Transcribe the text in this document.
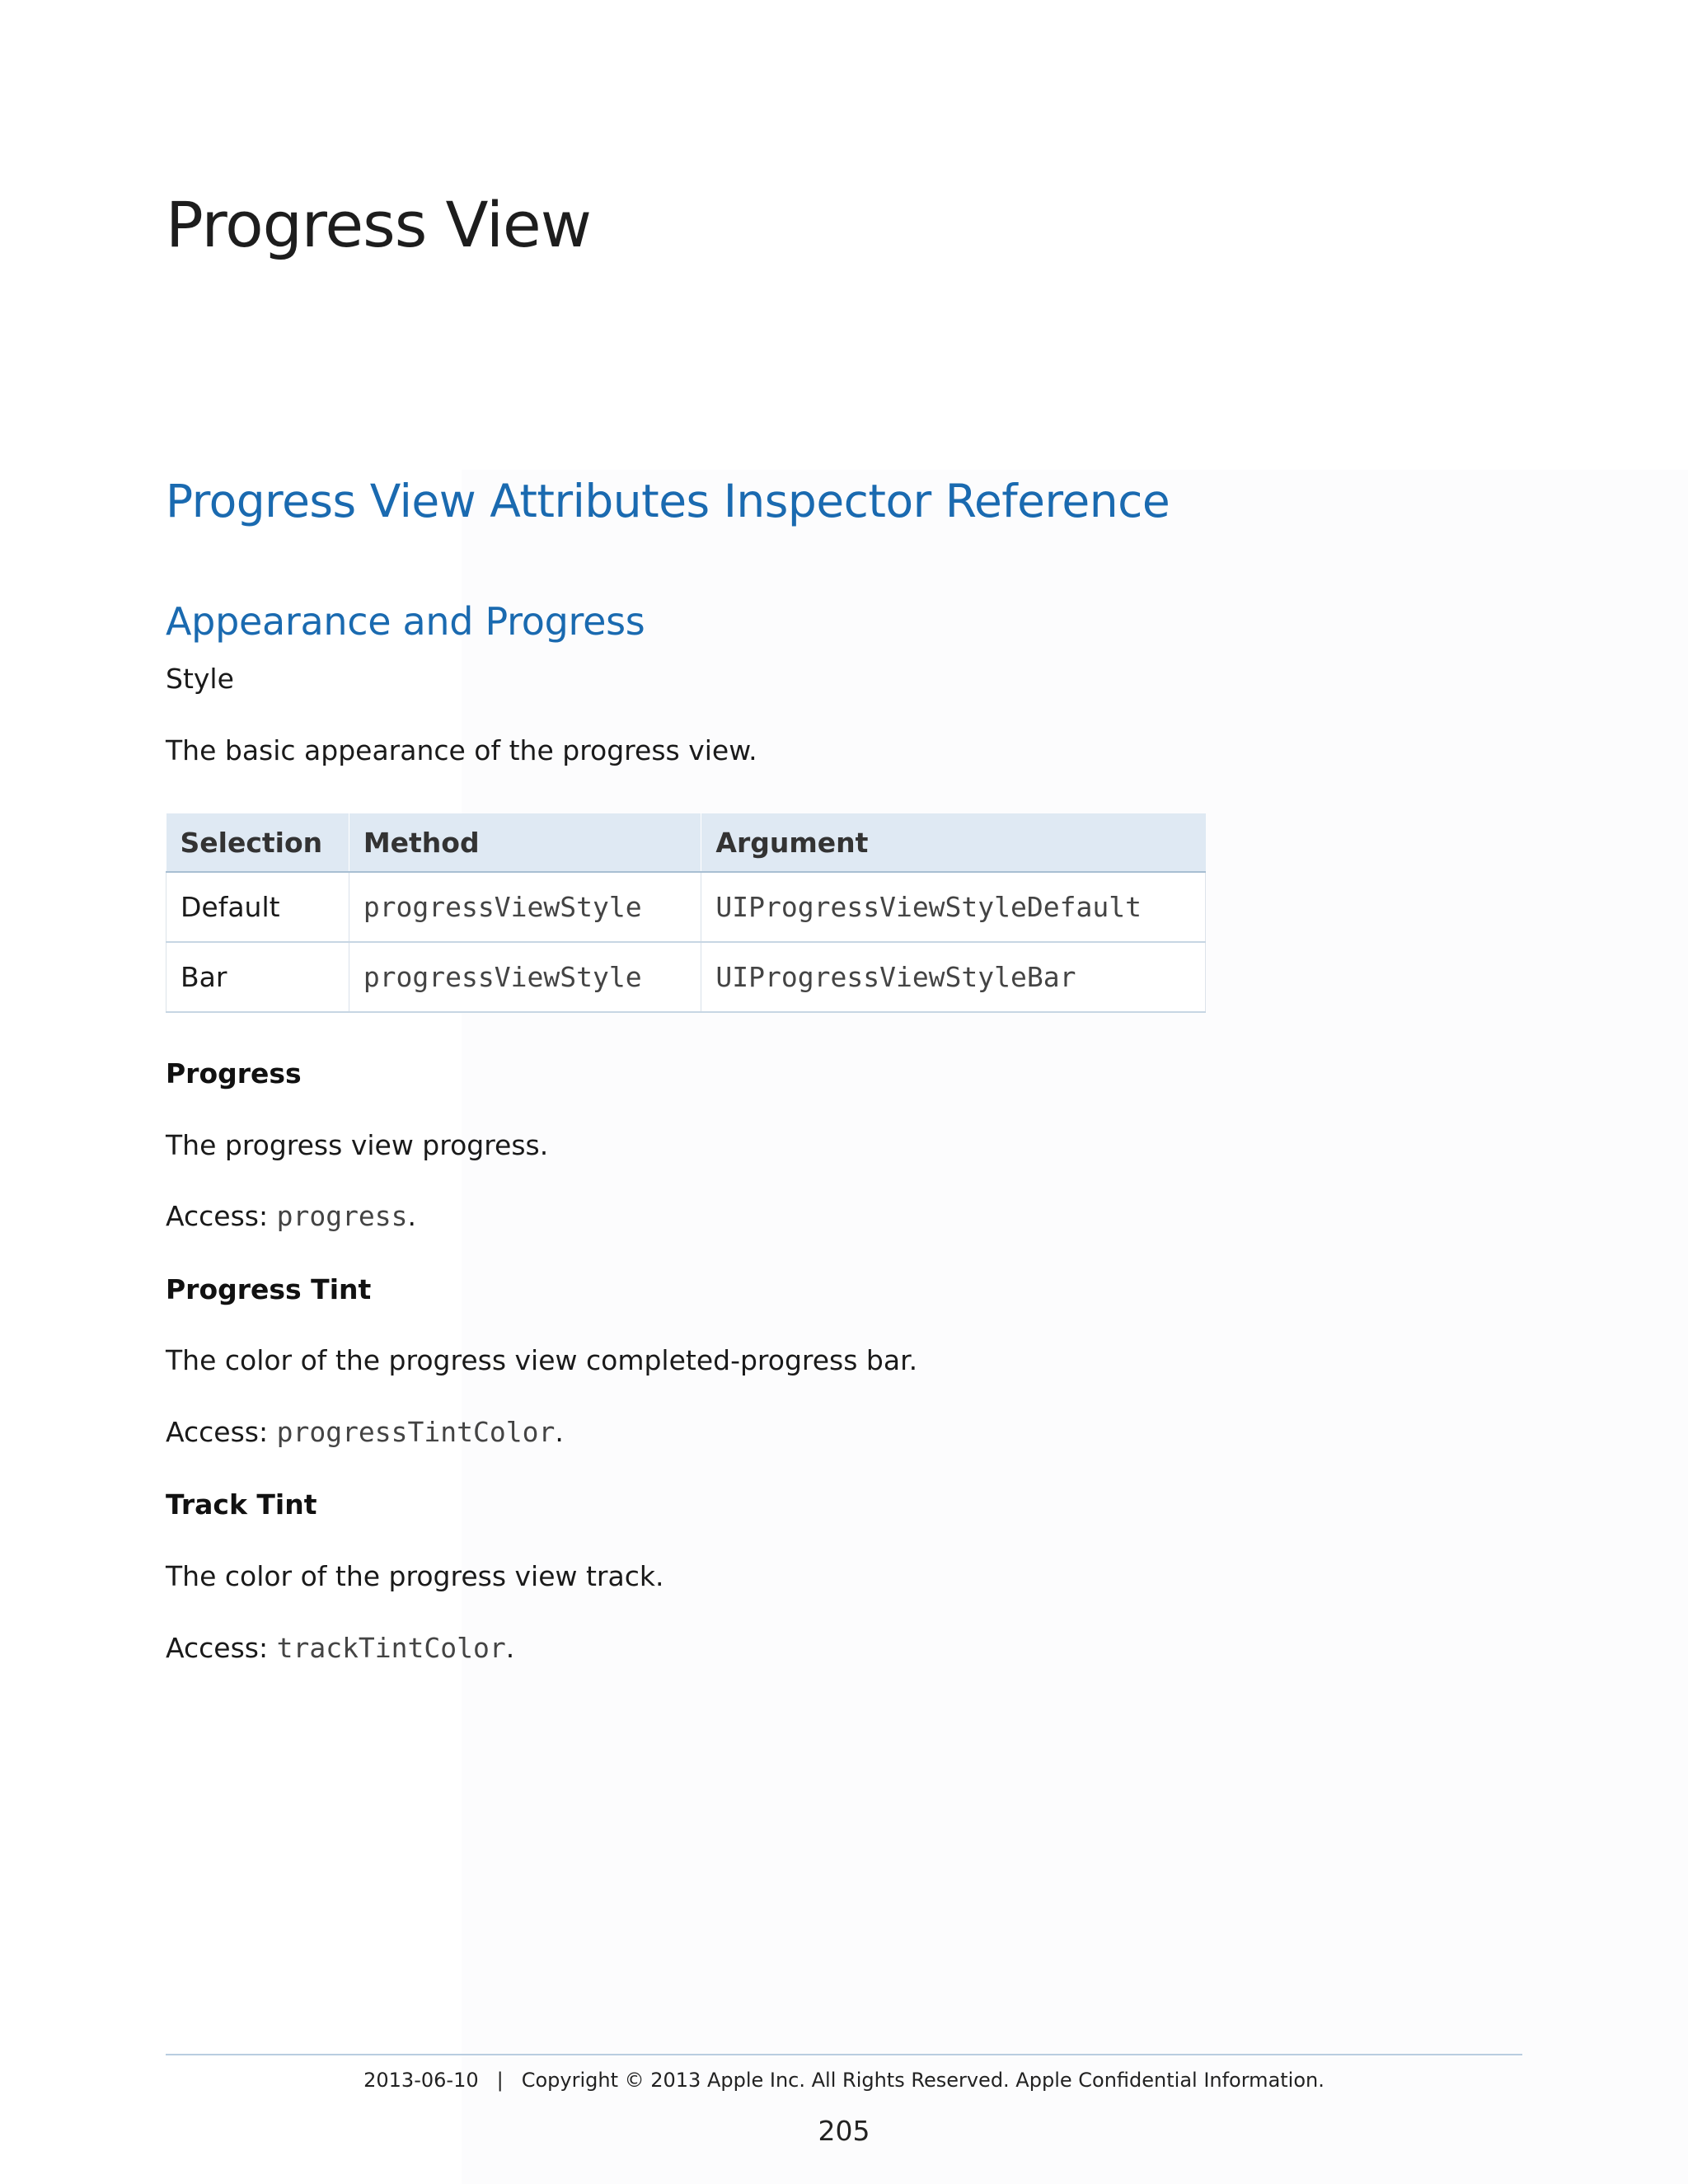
Progress View
Progress View Attributes Inspector Reference
Appearance and Progress

Style

The basic appearance of the progress view.

Selection	Method	Argument
Default	progressViewStyle	UIProgressViewStyleDefault
Bar	progressViewStyle	UIProgressViewStyleBar

Progress

The progress view progress.

Access: progress.

Progress Tint

The color of the progress view completed-progress bar.

Access: progressTintColor.

Track Tint

The color of the progress view track.

Access: trackTintColor.

2013-06-10 | Copyright © 2013 Apple Inc. All Rights Reserved. Apple Confidential Information.
205
